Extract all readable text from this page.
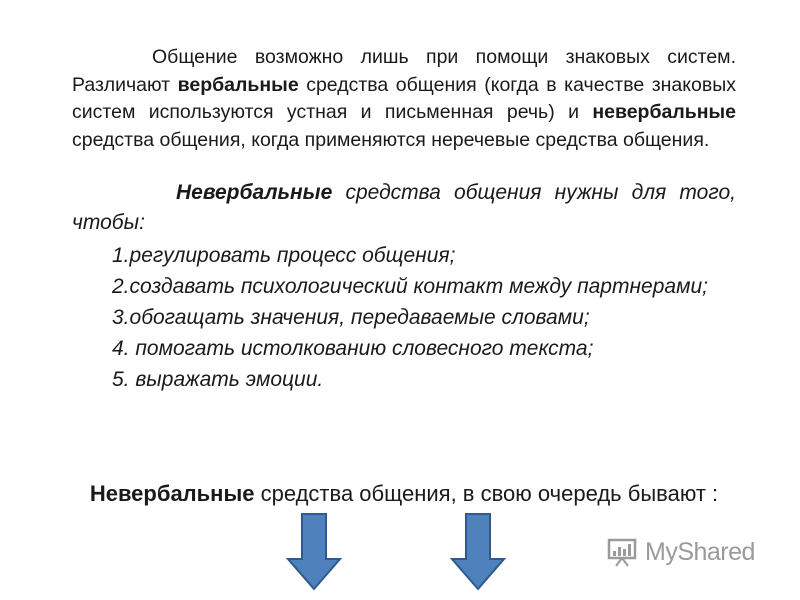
Общение возможно лишь при помощи знаковых систем. Различают вербальные средства общения (когда в качестве знаковых систем используются устная и письменная речь) и невербальные средства общения, когда применяются неречевые средства общения.
Невербальные средства общения нужны для того, чтобы:
1.регулировать процесс общения;
2.создавать психологический контакт между партнерами;
3.обогащать значения, передаваемые словами;
4. помогать истолкованию словесного текста;
5. выражать эмоции.
Невербальные средства общения, в свою очередь бывают :
MyShared
